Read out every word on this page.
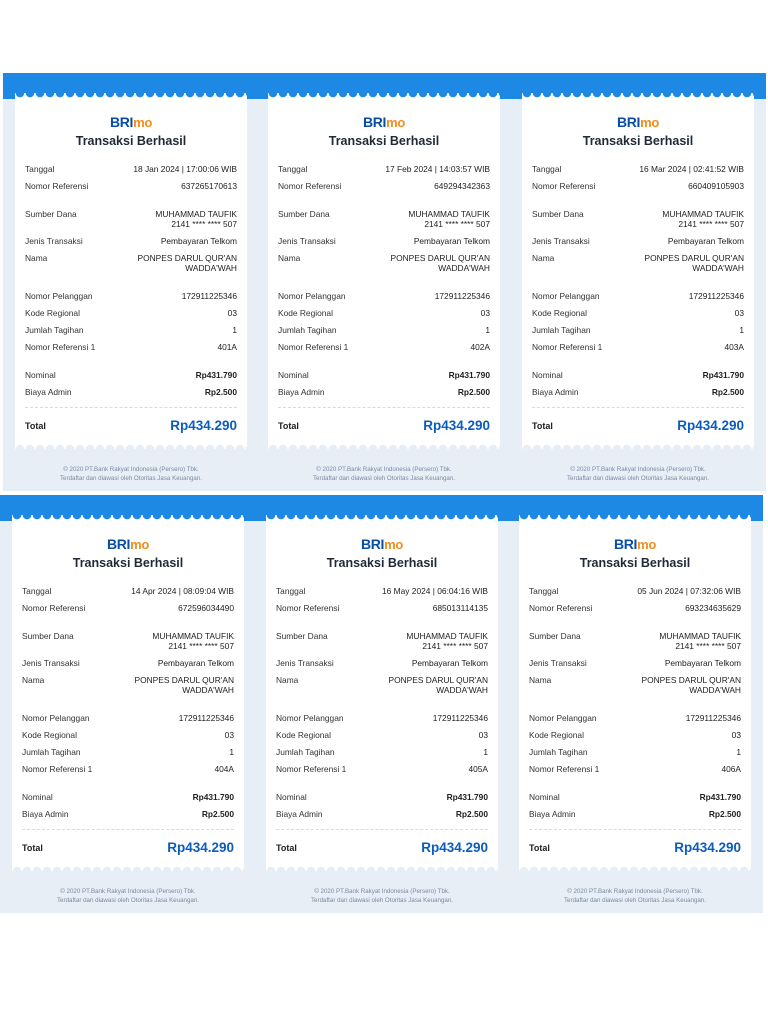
BRImo
Transaksi Berhasil
Tanggal	18 Jan 2024 | 17:00:06 WIB
Nomor Referensi	637265170613
Sumber Dana	MUHAMMAD TAUFIK
2141 **** **** 507
Jenis Transaksi	Pembayaran Telkom
Nama	PONPES DARUL QUR'AN
WADDA'WAH
Nomor Pelanggan	172911225346
Kode Regional	03
Jumlah Tagihan	1
Nomor Referensi 1	401A
Nominal	Rp431.790
Biaya Admin	Rp2.500
Total	Rp434.290
© 2020 PT.Bank Rakyat Indonesia (Persero) Tbk.
Terdaftar dan diawasi oleh Otoritas Jasa Keuangan.
BRImo
Transaksi Berhasil
Tanggal	17 Feb 2024 | 14:03:57 WIB
Nomor Referensi	649294342363
Sumber Dana	MUHAMMAD TAUFIK
2141 **** **** 507
Jenis Transaksi	Pembayaran Telkom
Nama	PONPES DARUL QUR'AN
WADDA'WAH
Nomor Pelanggan	172911225346
Kode Regional	03
Jumlah Tagihan	1
Nomor Referensi 1	402A
Nominal	Rp431.790
Biaya Admin	Rp2.500
Total	Rp434.290
© 2020 PT.Bank Rakyat Indonesia (Persero) Tbk.
Terdaftar dan diawasi oleh Otoritas Jasa Keuangan.
BRImo
Transaksi Berhasil
Tanggal	16 Mar 2024 | 02:41:52 WIB
Nomor Referensi	660409105903
Sumber Dana	MUHAMMAD TAUFIK
2141 **** **** 507
Jenis Transaksi	Pembayaran Telkom
Nama	PONPES DARUL QUR'AN
WADDA'WAH
Nomor Pelanggan	172911225346
Kode Regional	03
Jumlah Tagihan	1
Nomor Referensi 1	403A
Nominal	Rp431.790
Biaya Admin	Rp2.500
Total	Rp434.290
© 2020 PT.Bank Rakyat Indonesia (Persero) Tbk.
Terdaftar dan diawasi oleh Otoritas Jasa Keuangan.
BRImo
Transaksi Berhasil
Tanggal	14 Apr 2024 | 08:09:04 WIB
Nomor Referensi	672596034490
Sumber Dana	MUHAMMAD TAUFIK
2141 **** **** 507
Jenis Transaksi	Pembayaran Telkom
Nama	PONPES DARUL QUR'AN
WADDA'WAH
Nomor Pelanggan	172911225346
Kode Regional	03
Jumlah Tagihan	1
Nomor Referensi 1	404A
Nominal	Rp431.790
Biaya Admin	Rp2.500
Total	Rp434.290
© 2020 PT.Bank Rakyat Indonesia (Persero) Tbk.
Terdaftar dan diawasi oleh Otoritas Jasa Keuangan.
BRImo
Transaksi Berhasil
Tanggal	16 May 2024 | 06:04:16 WIB
Nomor Referensi	685013114135
Sumber Dana	MUHAMMAD TAUFIK
2141 **** **** 507
Jenis Transaksi	Pembayaran Telkom
Nama	PONPES DARUL QUR'AN
WADDA'WAH
Nomor Pelanggan	172911225346
Kode Regional	03
Jumlah Tagihan	1
Nomor Referensi 1	405A
Nominal	Rp431.790
Biaya Admin	Rp2.500
Total	Rp434.290
© 2020 PT.Bank Rakyat Indonesia (Persero) Tbk.
Terdaftar dan diawasi oleh Otoritas Jasa Keuangan.
BRImo
Transaksi Berhasil
Tanggal	05 Jun 2024 | 07:32:06 WIB
Nomor Referensi	693234635629
Sumber Dana	MUHAMMAD TAUFIK
2141 **** **** 507
Jenis Transaksi	Pembayaran Telkom
Nama	PONPES DARUL QUR'AN
WADDA'WAH
Nomor Pelanggan	172911225346
Kode Regional	03
Jumlah Tagihan	1
Nomor Referensi 1	406A
Nominal	Rp431.790
Biaya Admin	Rp2.500
Total	Rp434.290
© 2020 PT.Bank Rakyat Indonesia (Persero) Tbk.
Terdaftar dan diawasi oleh Otoritas Jasa Keuangan.
